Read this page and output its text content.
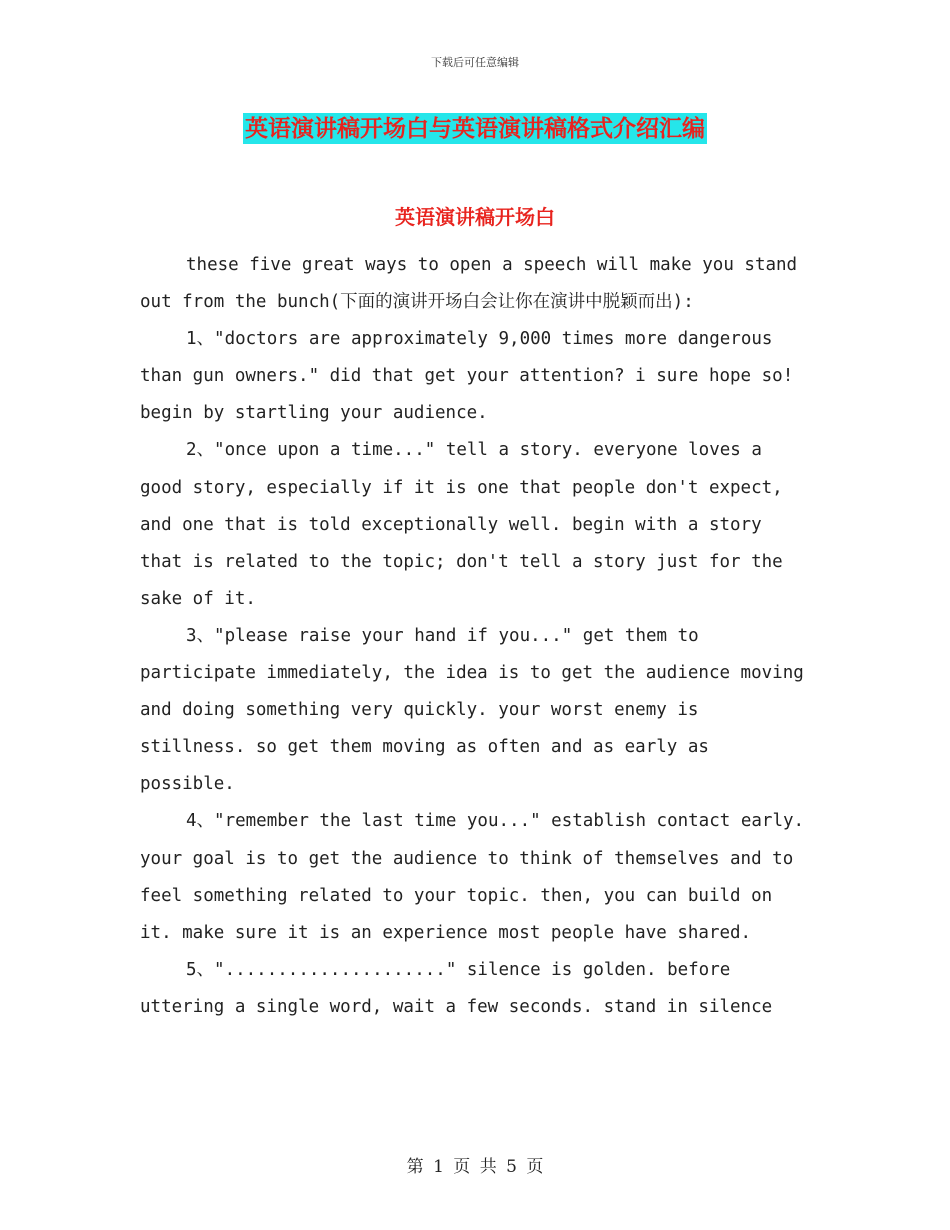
下载后可任意编辑
英语演讲稿开场白与英语演讲稿格式介绍汇编
英语演讲稿开场白

these five great ways to open a speech will make you stand out from the bunch(下面的演讲开场白会让你在演讲中脱颖而出):

1、"doctors are approximately 9,000 times more dangerous than gun owners." did that get your attention? i sure hope so! begin by startling your audience.

2、"once upon a time..." tell a story. everyone loves a good story, especially if it is one that people don't expect, and one that is told exceptionally well. begin with a story that is related to the topic; don't tell a story just for the sake of it.

3、"please raise your hand if you..." get them to participate immediately, the idea is to get the audience moving and doing something very quickly. your worst enemy is stillness. so get them moving as often and as early as possible.

4、"remember the last time you..." establish contact early. your goal is to get the audience to think of themselves and to feel something related to your topic. then, you can build on it. make sure it is an experience most people have shared.

5、"....................." silence is golden. before uttering a single word, wait a few seconds. stand in silence

第 1 页 共 5 页
